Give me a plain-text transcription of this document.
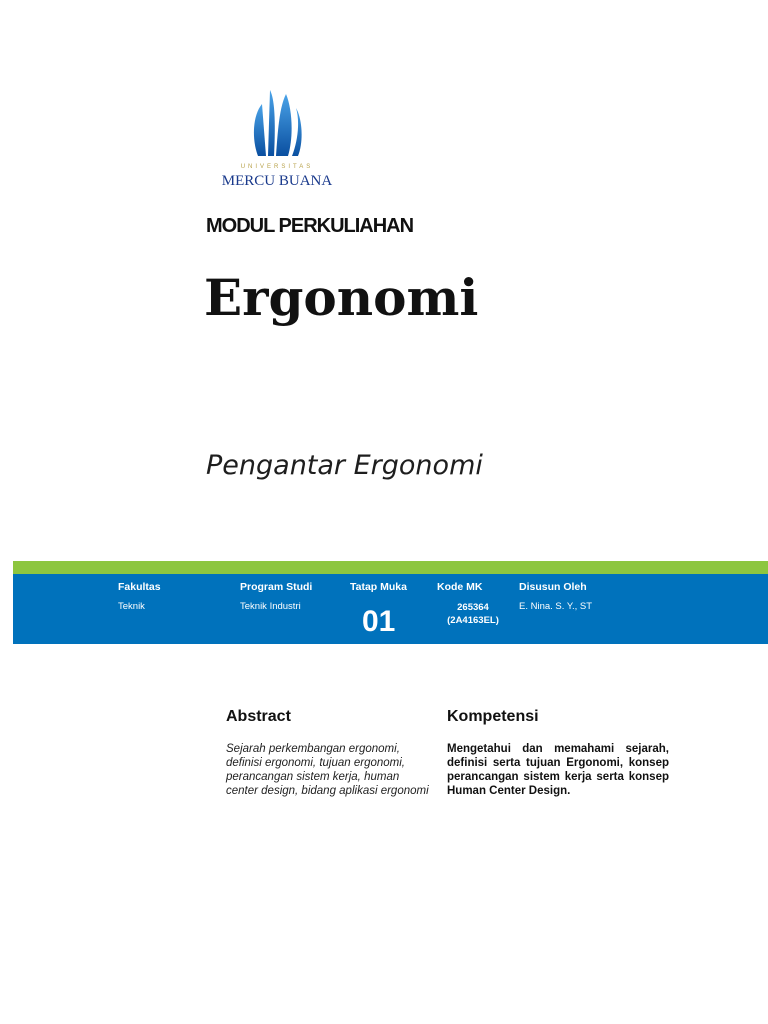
UNIVERSITAS
MERCU BUANA
MODUL PERKULIAHAN
Ergonomi
Pengantar Ergonomi
Fakultas
Teknik
Program Studi
Teknik Industri
Tatap Muka
01
Kode MK
265364
(2A4163EL)
Disusun Oleh
E. Nina. S. Y., ST
Abstract
Sejarah perkembangan ergonomi, definisi ergonomi, tujuan ergonomi, perancangan sistem kerja, human center design, bidang aplikasi ergonomi
Kompetensi
Mengetahui dan memahami sejarah, definisi serta tujuan Ergonomi, konsep perancangan sistem kerja serta konsep Human Center Design.
